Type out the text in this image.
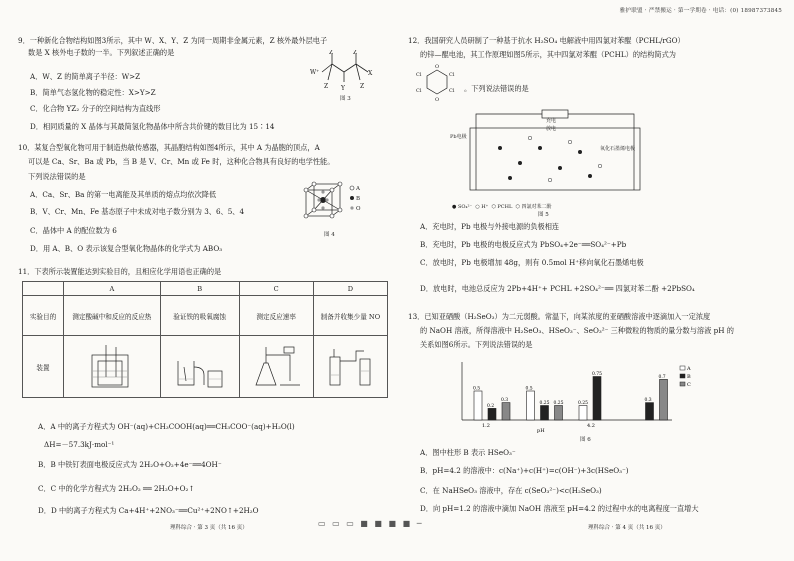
雅护联盟 · 严禁搬运 · 第一学期卷 · 电话：(0) 18987373845
9．一种新化合物结构如图3所示，其中 W、X、Y、Z 为同一周期非金属元素，Z 核外最外层电子
数是 X 核外电子数的一半。下列叙述正确的是
A．W、Z 的简单离子半径：W>Z
B．简单气态氢化物的稳定性：X>Y>Z
C．化合物 YZ₂ 分子的空间结构为直线形
D．相同质量的 X 晶体与其最简氢化物晶体中所含共价键的数目比为 15∶14
W⁺
Z	Z
Y
X
Z	Z
图 3
10．某复合型氧化物可用于制造热敏传感器，其晶胞结构如图4所示，其中 A 为晶胞的顶点，A
可以是 Ca、Sr、Ba 或 Pb，当 B 是 V、Cr、Mn 或 Fe 时，这种化合物具有良好的电学性能。
下列说法错误的是
A．Ca、Sr、Ba 的第一电离能及其单质的熔点均依次降低
B．V、Cr、Mn、Fe 基态原子中未成对电子数分别为 3、6、5、4
C．晶体中 A 的配位数为 6
D．用 A、B、O 表示该复合型氧化物晶体的化学式为 ABO₃
A
B
O
图 4
11．下表所示装置能达到实验目的，且相应化学用语也正确的是
	A	B	C	D
实验目的	测定酸碱中和反应的反应热	验证铁的吸氧腐蚀	测定反应速率	制备并收集少量 NO
装置				
A．A 中的离子方程式为 OH⁻(aq)+CH₃COOH(aq)══CH₃COO⁻(aq)+H₂O(l)
ΔH=－57.3kJ·mol⁻¹
B．B 中铁钉表面电极反应式为 2H₂O+O₂+4e⁻══4OH⁻
C．C 中的化学方程式为 2H₂O₂ ══ 2H₂O+O₂↑
D．D 中的离子方程式为 Ca+4H⁺+2NO₃⁻══Cu²⁺+2NO↑+2H₂O
理科综合 · 第 3 页（共 16 页）	▭ ▭ ▭ ■ ■ ■ ■ ─
12．我国研究人员研制了一种基于抗水 H₂SO₄ 电解液中用四氯对苯醌（PCHL/rGO）
的锌—醌电池，其工作原理如图5所示，其中四氯对苯醌（PCHL）的结构简式为
O
O
Cl	Cl
Cl	Cl 。下列说法错误的是
充电
放电
Pb电极
氧化石墨烯电极
● SO₄²⁻  ○ H⁺  ⬡ PCHL  ⬡ 四氯对苯二酚
图 5
A．充电时，Pb 电极与外接电源的负极相连
B．充电时，Pb 电极的电极反应式为 PbSO₄+2e⁻══SO₄²⁻+Pb
C．放电时，Pb 电极增加 48g，则有 0.5mol H⁺移向氧化石墨烯电极
D．放电时，电池总反应为 2Pb+4H⁺+ PCHL +2SO₄²⁻══ 四氯对苯二酚 +2PbSO₄
13．已知亚硒酸（H₂SeO₃）为二元弱酸。常温下，向某浓度的亚硒酸溶液中逐滴加入一定浓度
的 NaOH 溶液，所得溶液中 H₂SeO₃、HSeO₃⁻、SeO₃²⁻ 三种微粒的物质的量分数与溶液 pH 的
关系如图6所示。下列说法错误的是
0.5
0.2
0.3
0.5
0.25 0.25	0.25
0.75
0.3
0.7
1.2	4.2
pH
A
B
C
图 6
A．图中柱形 B 表示 HSeO₃⁻
B．pH=4.2 的溶液中：c(Na⁺)+c(H⁺)=c(OH⁻)+3c(HSeO₃⁻)
C．在 NaHSeO₃ 溶液中，存在 c(SeO₃²⁻)<c(H₂SeO₃)
D．向 pH=1.2 的溶液中滴加 NaOH 溶液至 pH=4.2 的过程中水的电离程度一直增大
理科综合 · 第 4 页（共 16 页）
